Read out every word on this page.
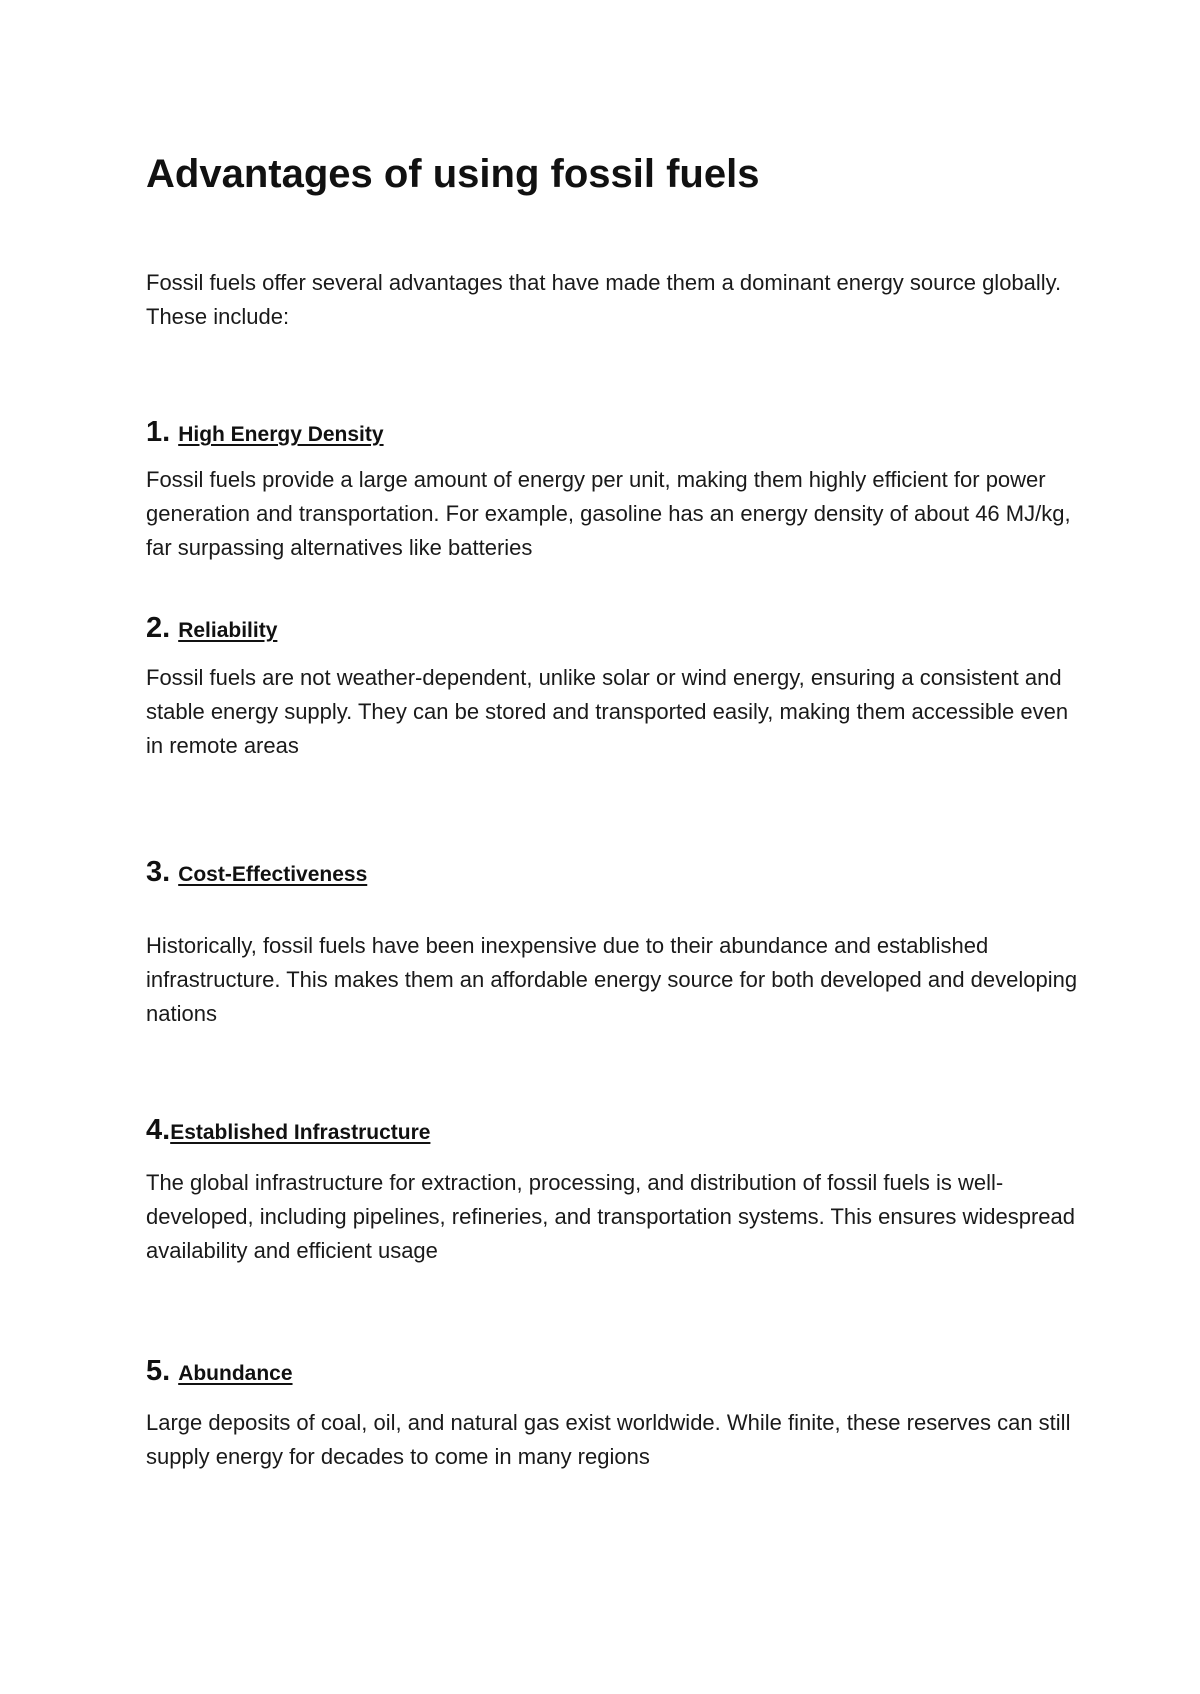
Advantages of using fossil fuels

Fossil fuels offer several advantages that have made them a dominant energy source globally. These include:

1. High Energy Density

Fossil fuels provide a large amount of energy per unit, making them highly efficient for power generation and transportation. For example, gasoline has an energy density of about 46 MJ/kg, far surpassing alternatives like batteries

2. Reliability

Fossil fuels are not weather-dependent, unlike solar or wind energy, ensuring a consistent and stable energy supply. They can be stored and transported easily, making them accessible even in remote areas

3. Cost-Effectiveness

Historically, fossil fuels have been inexpensive due to their abundance and established infrastructure. This makes them an affordable energy source for both developed and developing nations

4.Established Infrastructure

The global infrastructure for extraction, processing, and distribution of fossil fuels is well-developed, including pipelines, refineries, and transportation systems. This ensures widespread availability and efficient usage

5. Abundance

Large deposits of coal, oil, and natural gas exist worldwide. While finite, these reserves can still supply energy for decades to come in many regions
